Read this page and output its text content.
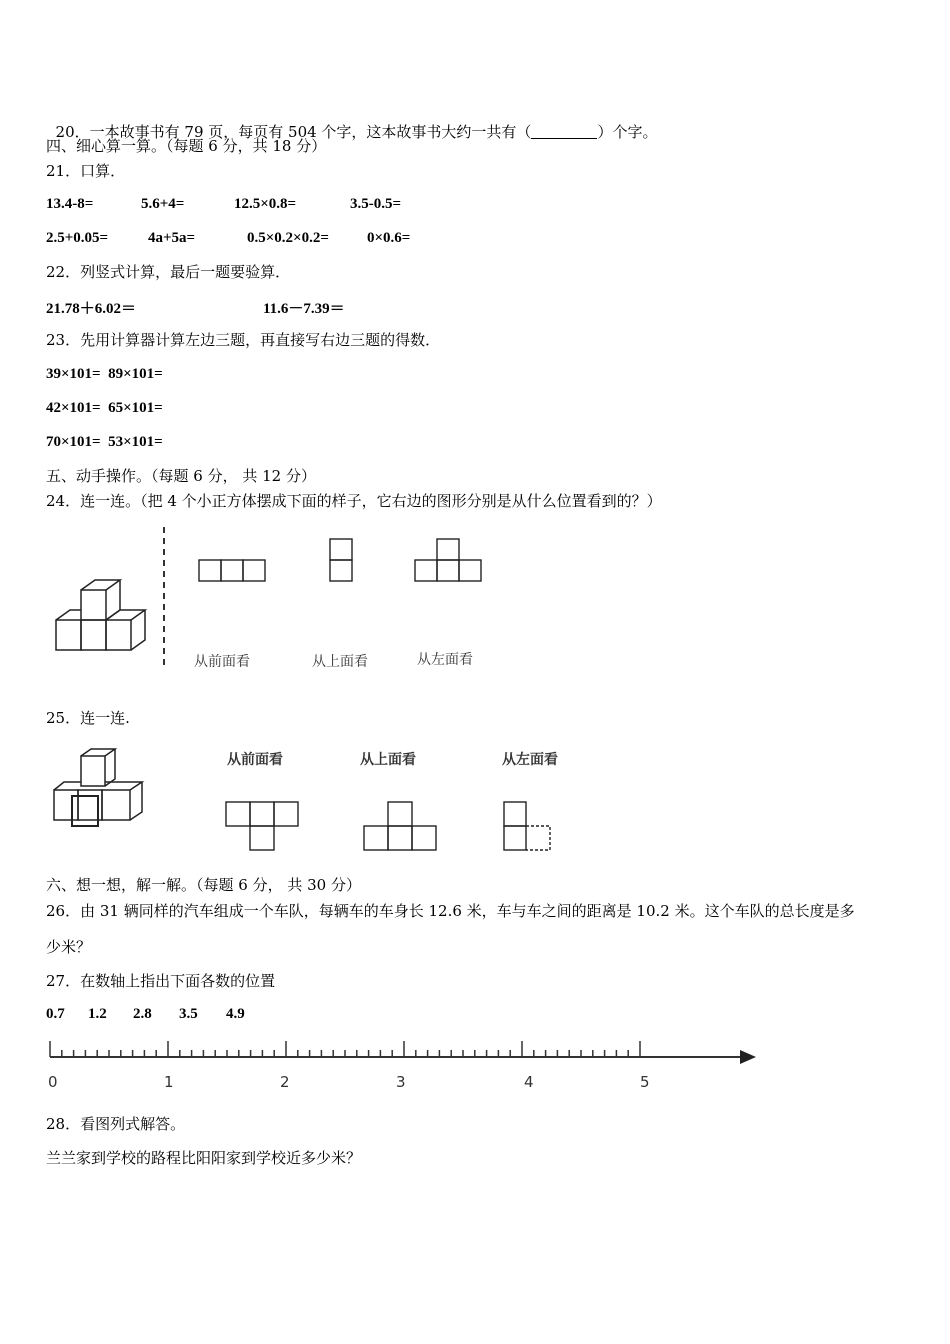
20．一本故事书有 79 页，每页有 504 个字，这本故事书大约一共有（	）个字。

四、细心算一算。（每题 6 分，共 18 分）
21．口算．
13.4-8=	5.6+4=	12.5×0.8=	3.5-0.5=
2.5+0.05=	4a+5a=	0.5×0.2×0.2=	0×0.6=
22．列竖式计算，最后一题要验算．
21.78＋6.02＝	11.6－7.39＝
23．先用计算器计算左边三题，再直接写右边三题的得数．
39×101=  89×101=
42×101=  65×101=
70×101=  53×101=
五、动手操作。（每题 6 分， 共 12 分）
24．连一连。（把 4 个小正方体摆成下面的样子，它右边的图形分别是从什么位置看到的？）
从前面看	从上面看	从左面看
25．连一连.
从前面看	从上面看	从左面看
六、想一想，解一解。（每题 6 分， 共 30 分）
26．由 31 辆同样的汽车组成一个车队，每辆车的车身长 12.6 米，车与车之间的距离是 10.2 米。这个车队的总长度是多
少米？
27．在数轴上指出下面各数的位置
0.7 1.2 2.8 3.5 4.9
0	1	2	3	4	5
28．看图列式解答。
兰兰家到学校的路程比阳阳家到学校近多少米？
